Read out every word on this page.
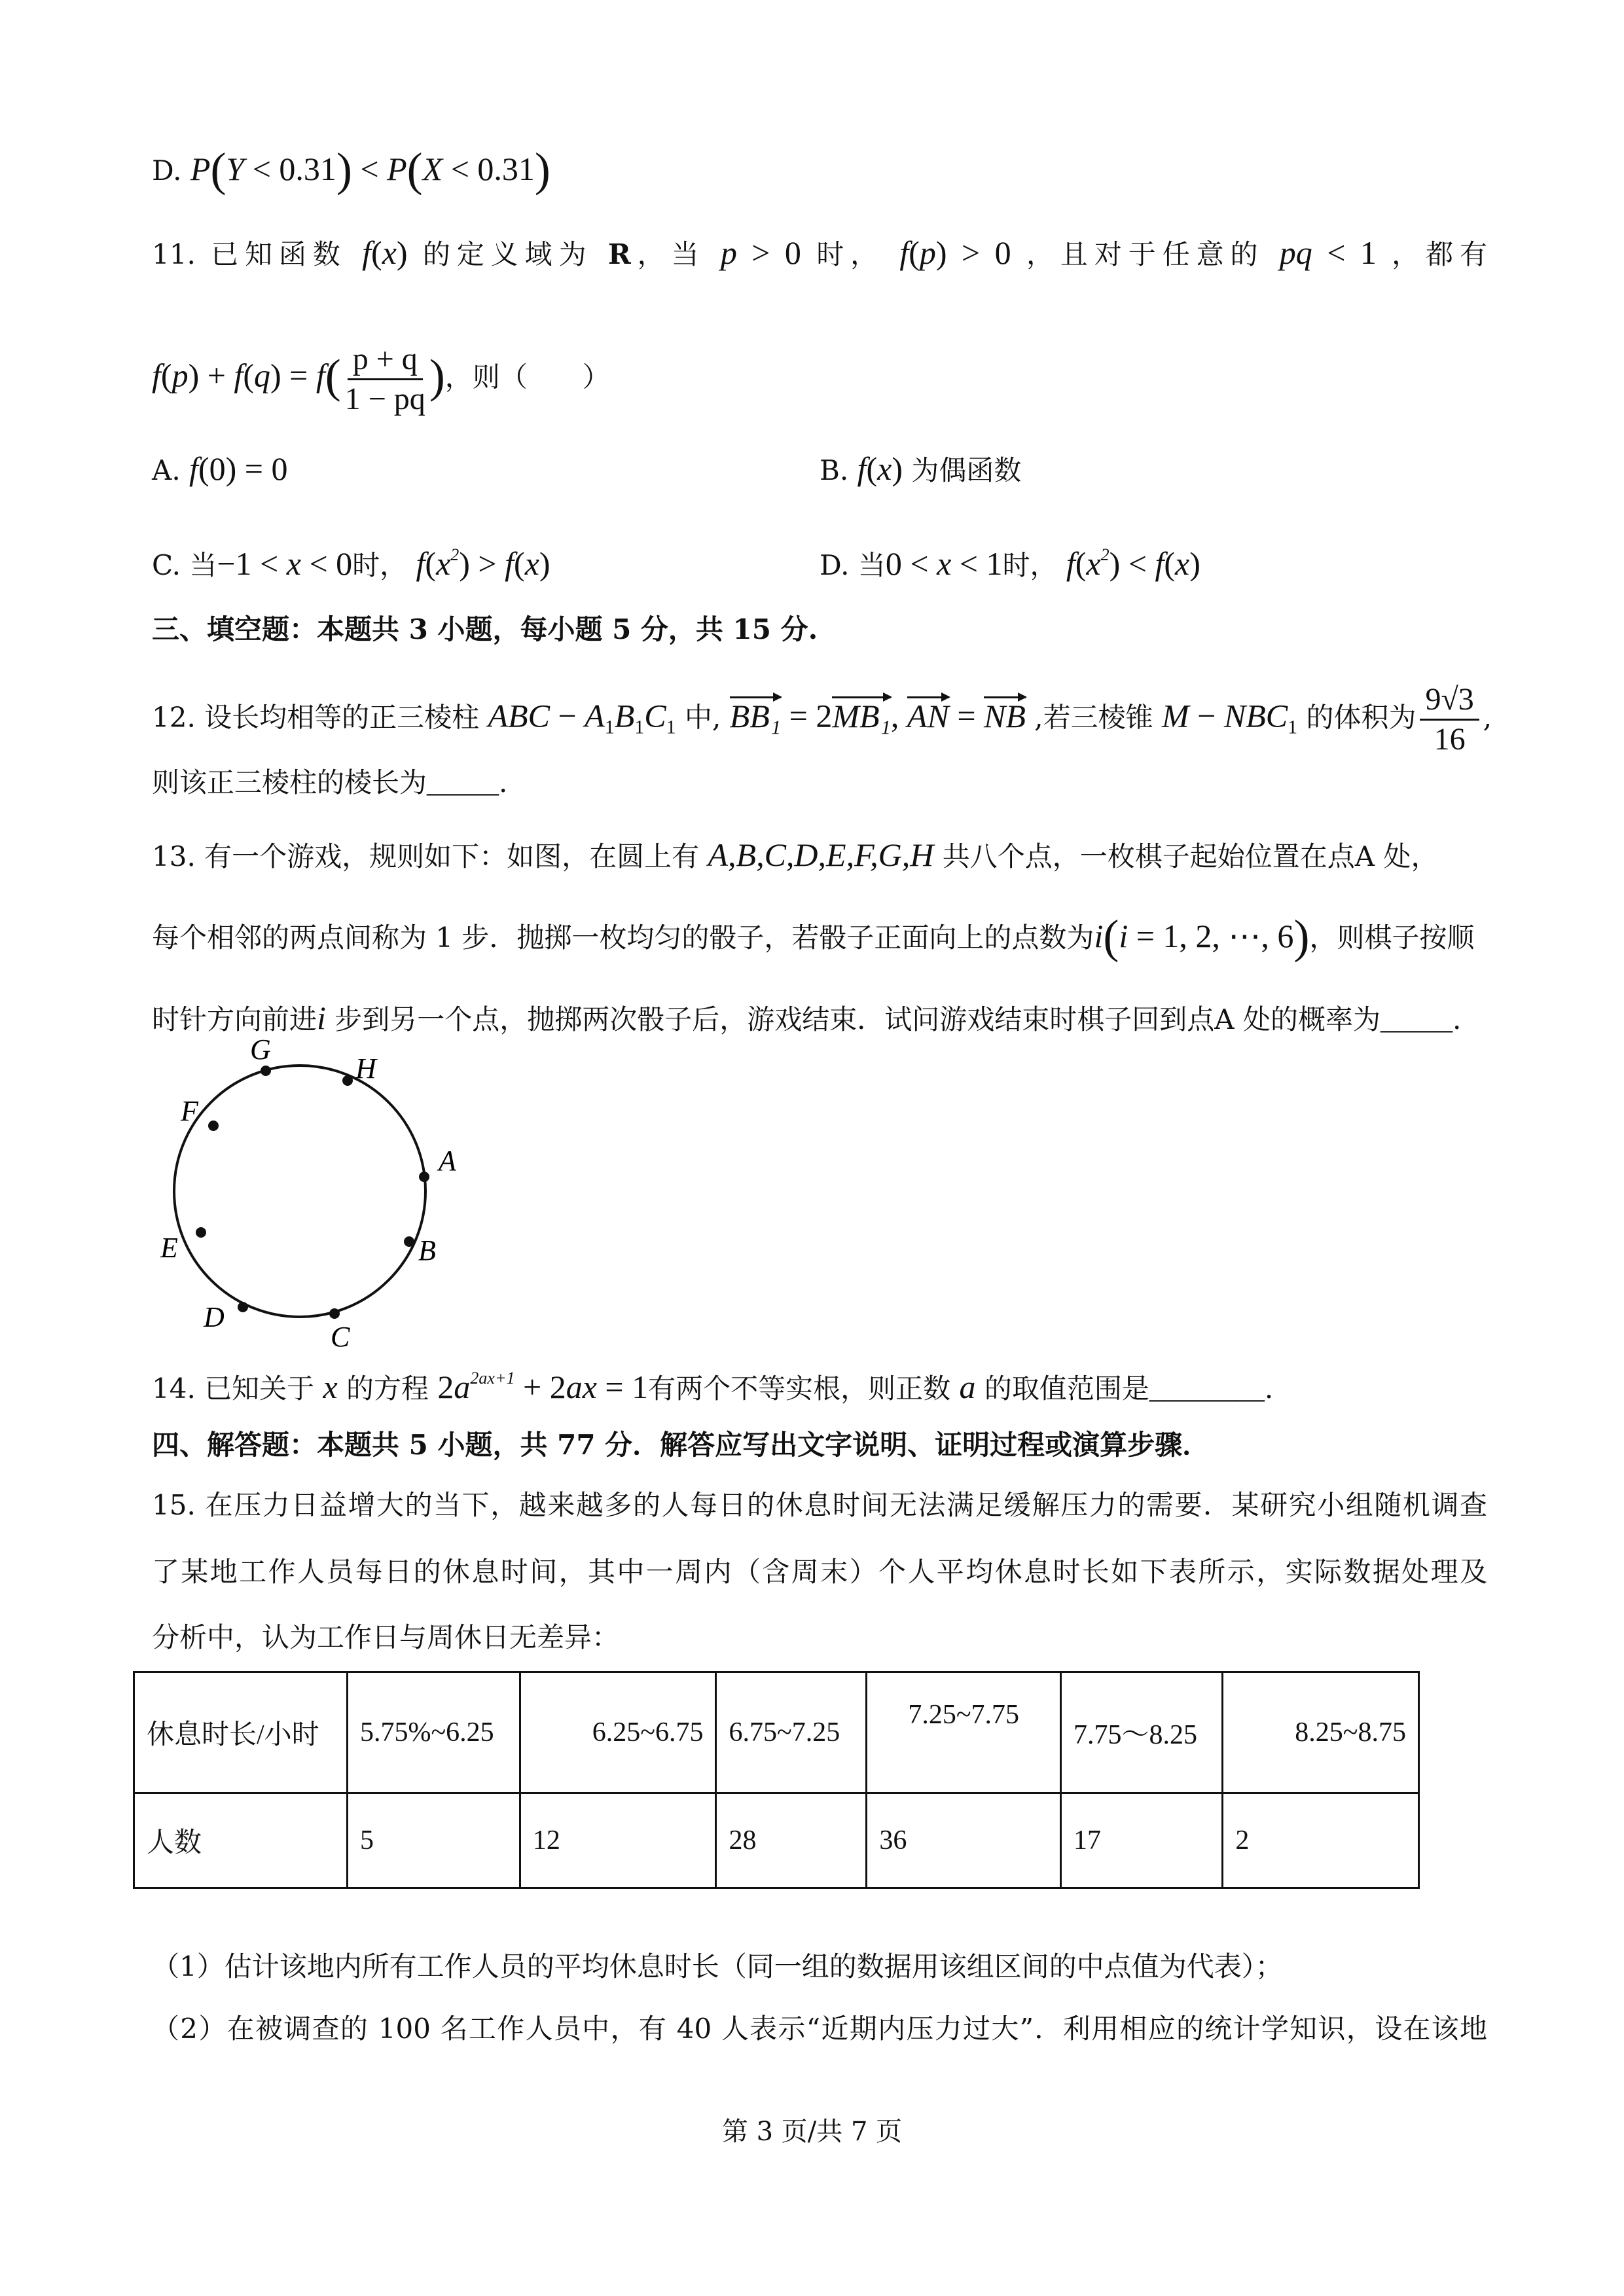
D. P(Y < 0.31) < P(X < 0.31)
11. 已知函数 f(x) 的定义域为 R，当 p > 0 时， f(p) > 0 ，且对于任意的 pq < 1 ，都有
$f(p) + f(q) = f( \frac{p + q}{1 - pq}$ )，则（　　）
A. f(0) = 0	B. f(x) 为偶函数
C. 当−1 < x < 0时， $f(x^2) > f(x)$	D. 当0 < x < 1时， $f(x^2) < f(x)$
三、填空题：本题共 3 小题，每小题 5 分，共 15 分.
12. 设长均相等的正三棱柱 ABC − $A_1B_1C_1$ 中, BB₁ = 2MB₁, AN = NB ,若三棱锥 $M - NBC_1$ 的体积为 $\frac{9√3}{16}$ ,
则该正三棱柱的棱长为_____.
13. 有一个游戏，规则如下：如图，在圆上有 A,B,C,D,E,F,G,H 共八个点，一枚棋子起始位置在点A 处，
每个相邻的两点间称为 1 步．抛掷一枚均匀的骰子，若骰子正面向上的点数为i(i = 1, 2, ⋯, 6)，则棋子按顺
时针方向前进i 步到另一个点，抛掷两次骰子后，游戏结束．试问游戏结束时棋子回到点A 处的概率为_____.
A
B
C
D
E
F
G
H
14. 已知关于 x 的方程 $2a^{2ax+1} + 2ax = 1$有两个不等实根，则正数 a 的取值范围是________.
四、解答题：本题共 5 小题，共 77 分．解答应写出文字说明、证明过程或演算步骤．
15. 在压力日益增大的当下，越来越多的人每日的休息时间无法满足缓解压力的需要．某研究小组随机调查
了某地工作人员每日的休息时间，其中一周内（含周末）个人平均休息时长如下表所示，实际数据处理及
分析中，认为工作日与周休日无差异：
休息时长/小时	5.75%~6.25	6.25~6.75	6.75~7.25	7.25~7.75	7.75～8.25	8.25~8.75
人数	5	12	28	36	17	2
（1）估计该地内所有工作人员的平均休息时长（同一组的数据用该组区间的中点值为代表）；
（2）在被调查的 100 名工作人员中，有 40 人表示“近期内压力过大”．利用相应的统计学知识，设在该地
第 3 页/共 7 页
